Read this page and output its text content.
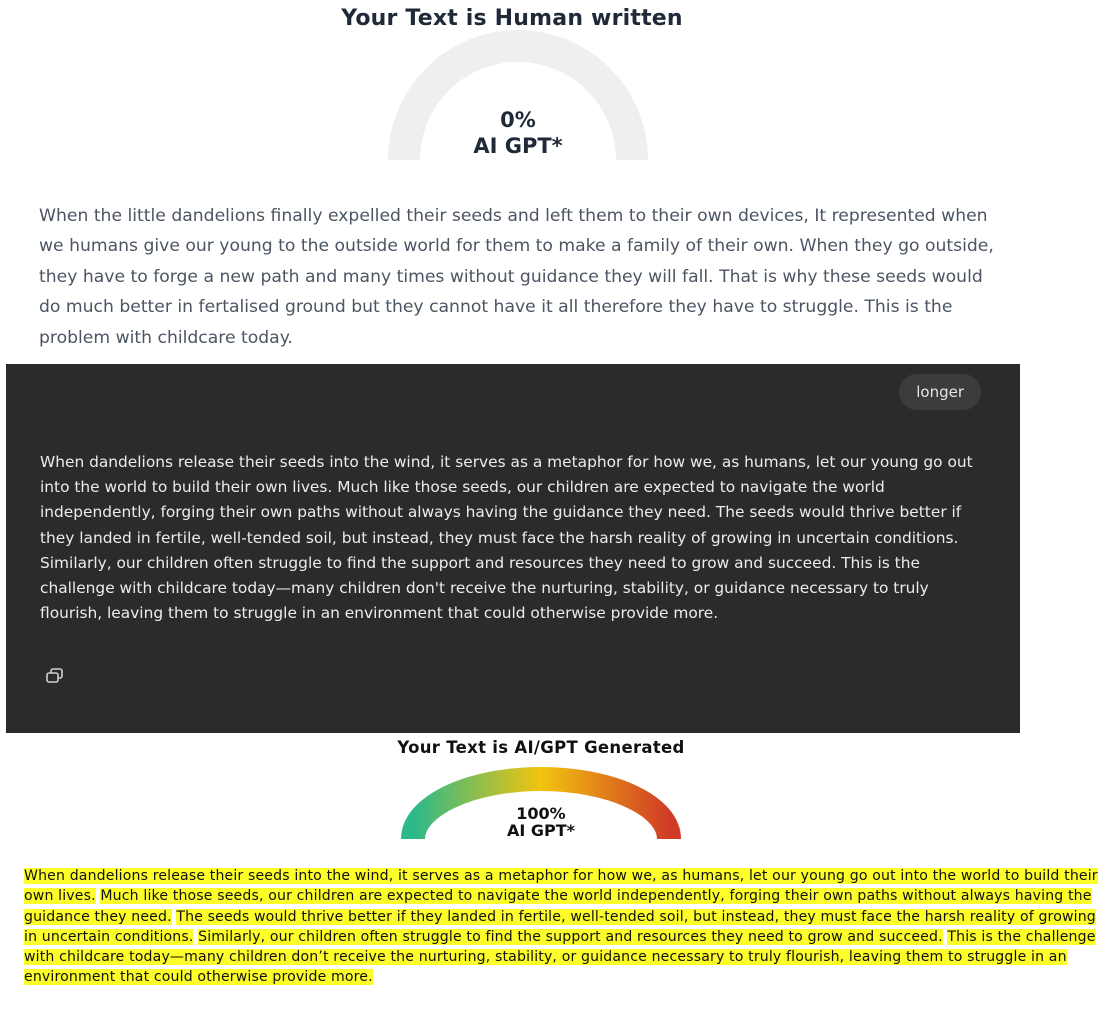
Your Text is Human written
0%
AI GPT*

When the little dandelions finally expelled their seeds and left them to their own devices, It represented when we humans give our young to the outside world for them to make a family of their own. When they go outside, they have to forge a new path and many times without guidance they will fall. That is why these seeds would do much better in fertalised ground but they cannot have it all therefore they have to struggle. This is the problem with childcare today.

longer

When dandelions release their seeds into the wind, it serves as a metaphor for how we, as humans, let our young go out into the world to build their own lives. Much like those seeds, our children are expected to navigate the world independently, forging their own paths without always having the guidance they need. The seeds would thrive better if they landed in fertile, well-tended soil, but instead, they must face the harsh reality of growing in uncertain conditions. Similarly, our children often struggle to find the support and resources they need to grow and succeed. This is the challenge with childcare today—many children don't receive the nurturing, stability, or guidance necessary to truly flourish, leaving them to struggle in an environment that could otherwise provide more.

Your Text is AI/GPT Generated
100%
AI GPT*

When dandelions release their seeds into the wind, it serves as a metaphor for how we, as humans, let our young go out into the world to build their own lives. Much like those seeds, our children are expected to navigate the world independently, forging their own paths without always having the guidance they need. The seeds would thrive better if they landed in fertile, well-tended soil, but instead, they must face the harsh reality of growing in uncertain conditions. Similarly, our children often struggle to find the support and resources they need to grow and succeed. This is the challenge with childcare today—many children don’t receive the nurturing, stability, or guidance necessary to truly flourish, leaving them to struggle in an environment that could otherwise provide more.
